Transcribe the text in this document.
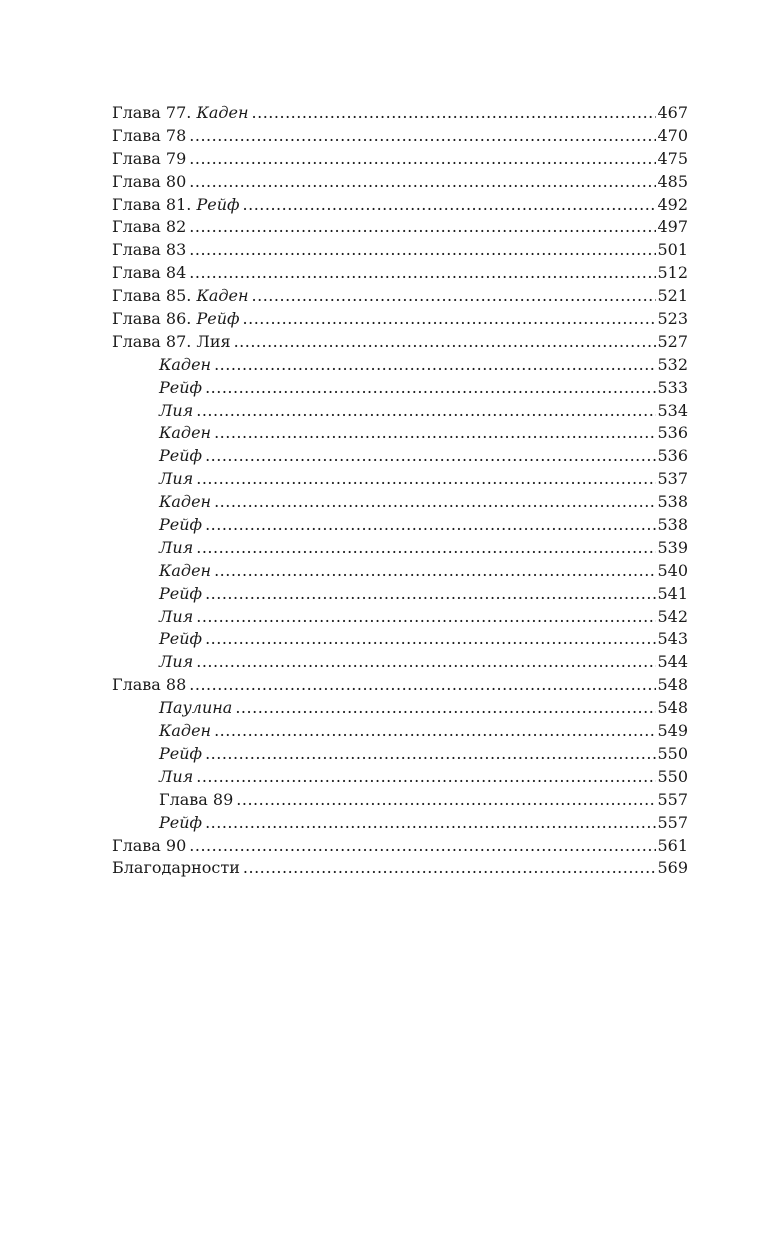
Глава 77. Каден .....	467
Глава 78 .....	470
Глава 79 .....	475
Глава 80 .....	485
Глава 81. Рейф .....	492
Глава 82 .....	497
Глава 83 .....	501
Глава 84 .....	512
Глава 85. Каден .....	521
Глава 86. Рейф .....	523
Глава 87. Лия .....	527
Каден .....	532
Рейф .....	533
Лия .....	534
Каден .....	536
Рейф .....	536
Лия .....	537
Каден .....	538
Рейф .....	538
Лия .....	539
Каден .....	540
Рейф .....	541
Лия .....	542
Рейф .....	543
Лия .....	544
Глава 88 .....	548
Паулина .....	548
Каден .....	549
Рейф .....	550
Лия .....	550
Глава 89 .....	557
Рейф .....	557
Глава 90 .....	561
Благодарности .....	569
